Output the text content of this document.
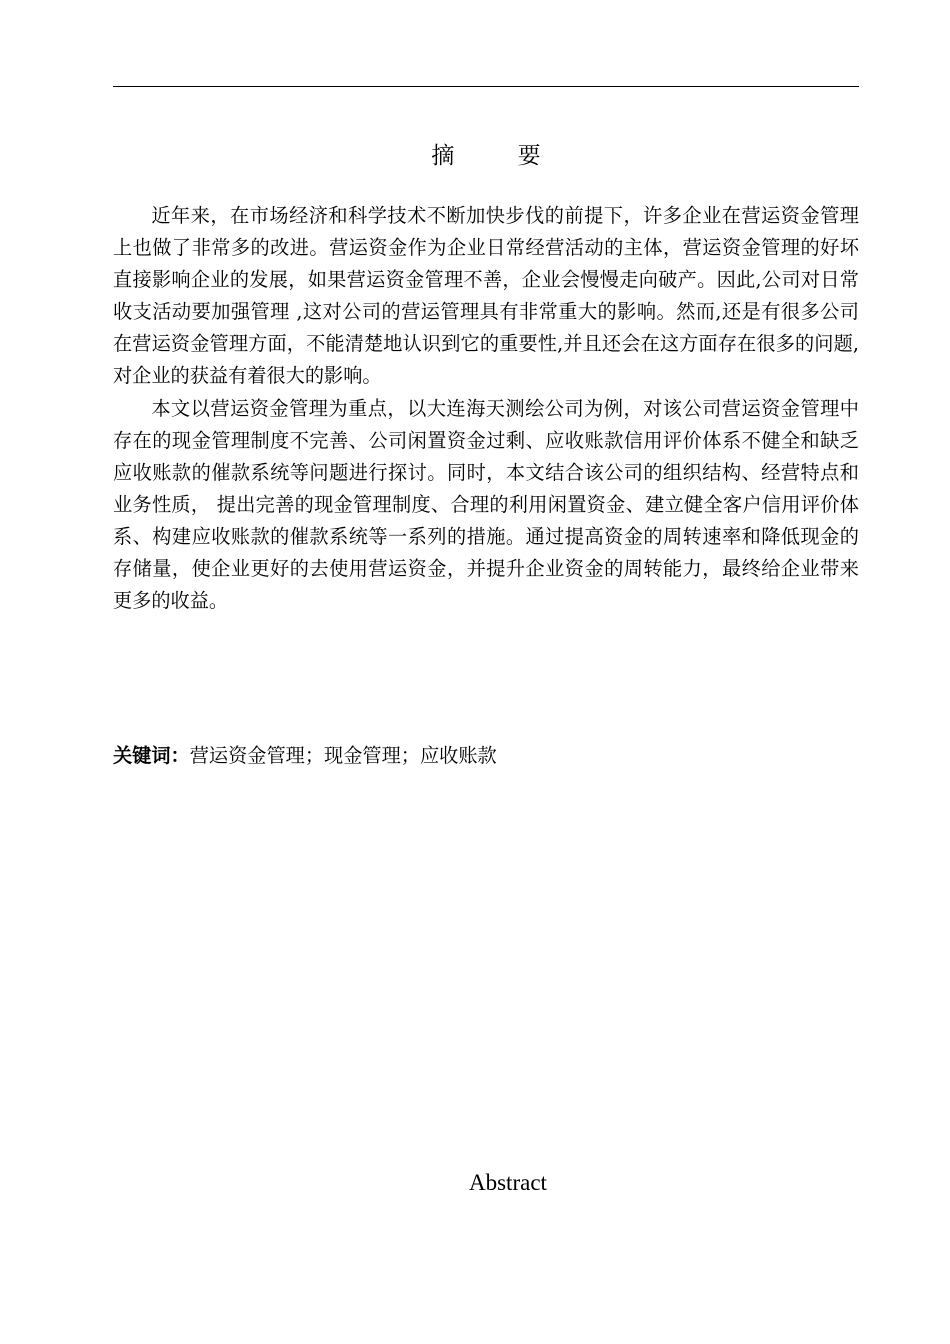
摘 要

近年来，在市场经济和科学技术不断加快步伐的前提下，许多企业在营运资金管理上也做了非常多的改进。营运资金作为企业日常经营活动的主体，营运资金管理的好坏直接影响企业的发展，如果营运资金管理不善，企业会慢慢走向破产。因此,公司对日常收支活动要加强管理 ,这对公司的营运管理具有非常重大的影响。然而,还是有很多公司在营运资金管理方面，不能清楚地认识到它的重要性,并且还会在这方面存在很多的问题,对企业的获益有着很大的影响。

本文以营运资金管理为重点，以大连海天测绘公司为例，对该公司营运资金管理中存在的现金管理制度不完善、公司闲置资金过剩、应收账款信用评价体系不健全和缺乏应收账款的催款系统等问题进行探讨。同时，本文结合该公司的组织结构、经营特点和业务性质， 提出完善的现金管理制度、合理的利用闲置资金、建立健全客户信用评价体系、构建应收账款的催款系统等一系列的措施。通过提高资金的周转速率和降低现金的存储量，使企业更好的去使用营运资金，并提升企业资金的周转能力，最终给企业带来更多的收益。

关键词：营运资金管理；现金管理；应收账款
Abstract
